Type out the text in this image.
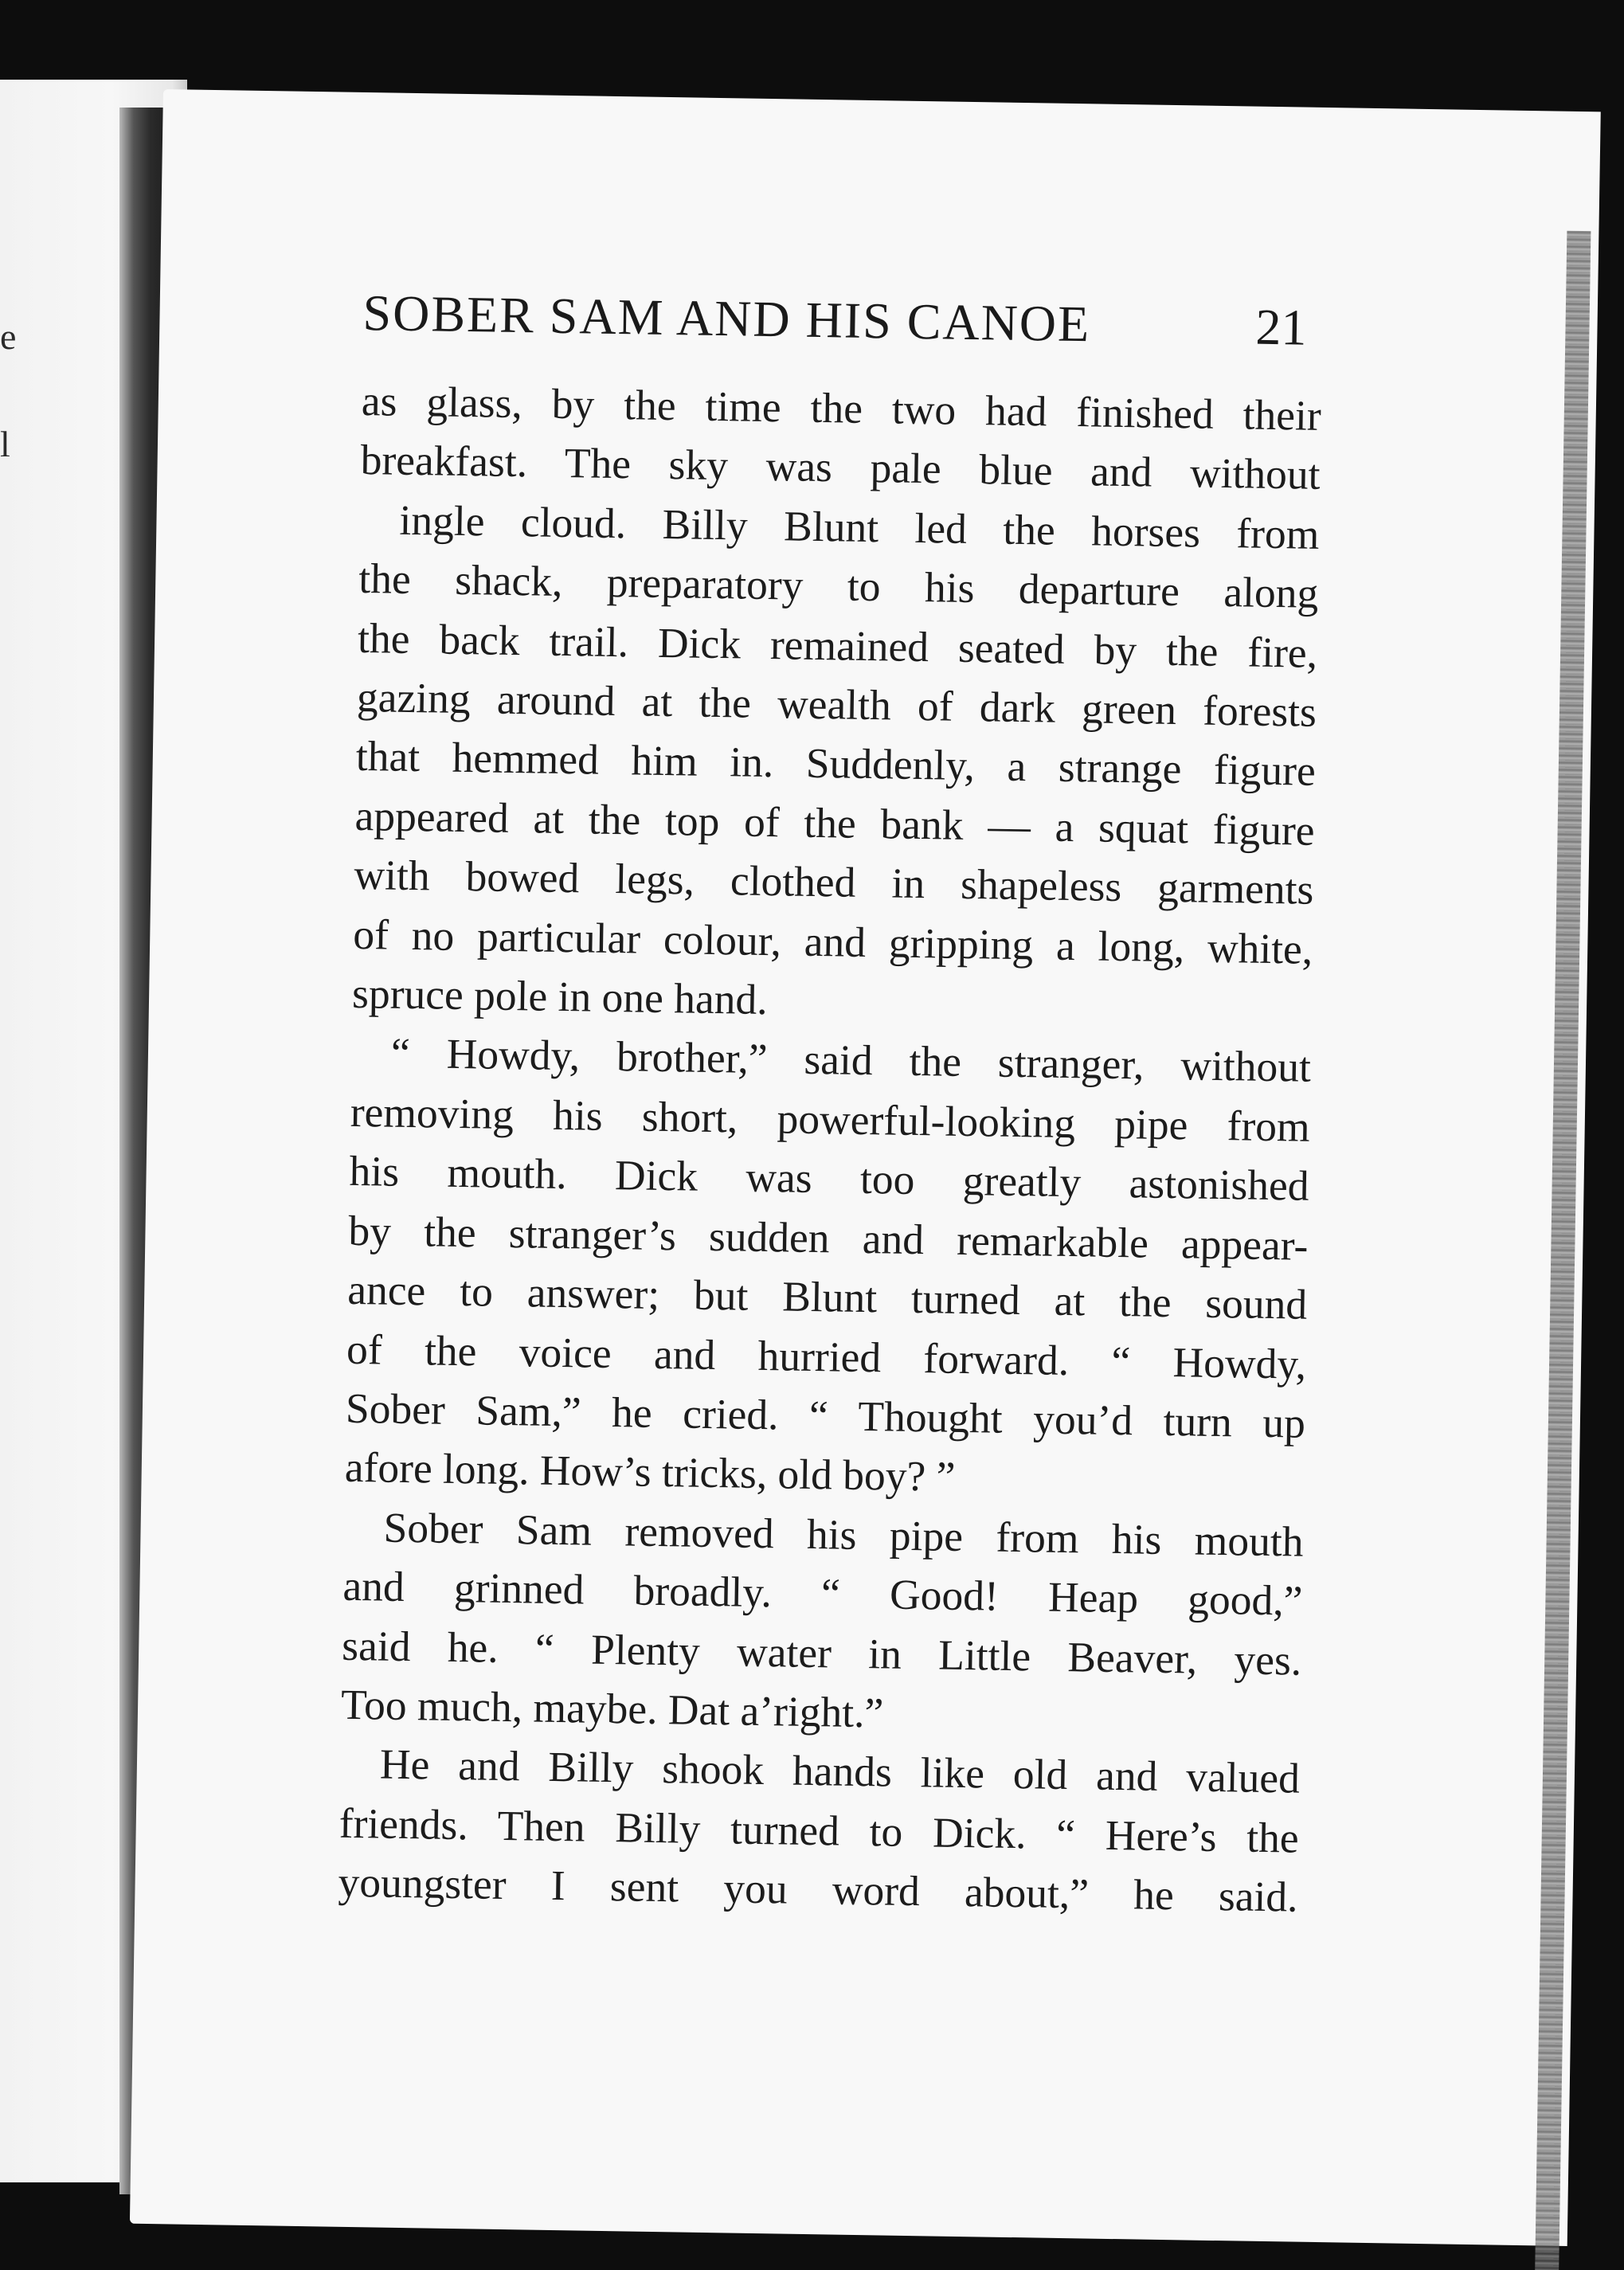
e
l
SOBER SAM AND HIS CANOE	21
as glass, by the time the two had finished their
breakfast. The sky was pale blue and without
ingle cloud. Billy Blunt led the horses from
the shack, preparatory to his departure along
the back trail. Dick remained seated by the fire,
gazing around at the wealth of dark green forests
that hemmed him in. Suddenly, a strange figure
appeared at the top of the bank — a squat figure
with bowed legs, clothed in shapeless garments
of no particular colour, and gripping a long, white,
spruce pole in one hand.
“ Howdy, brother,” said the stranger, without
removing his short, powerful-looking pipe from
his mouth. Dick was too greatly astonished
by the stranger’s sudden and remarkable appear-
ance to answer; but Blunt turned at the sound
of the voice and hurried forward. “ Howdy,
Sober Sam,” he cried. “ Thought you’d turn up
afore long. How’s tricks, old boy? ”
Sober Sam removed his pipe from his mouth
and grinned broadly. “ Good! Heap good,”
said he. “ Plenty water in Little Beaver, yes.
Too much, maybe. Dat a’right.”
He and Billy shook hands like old and valued
friends. Then Billy turned to Dick. “ Here’s the
youngster I sent you word about,” he said.
